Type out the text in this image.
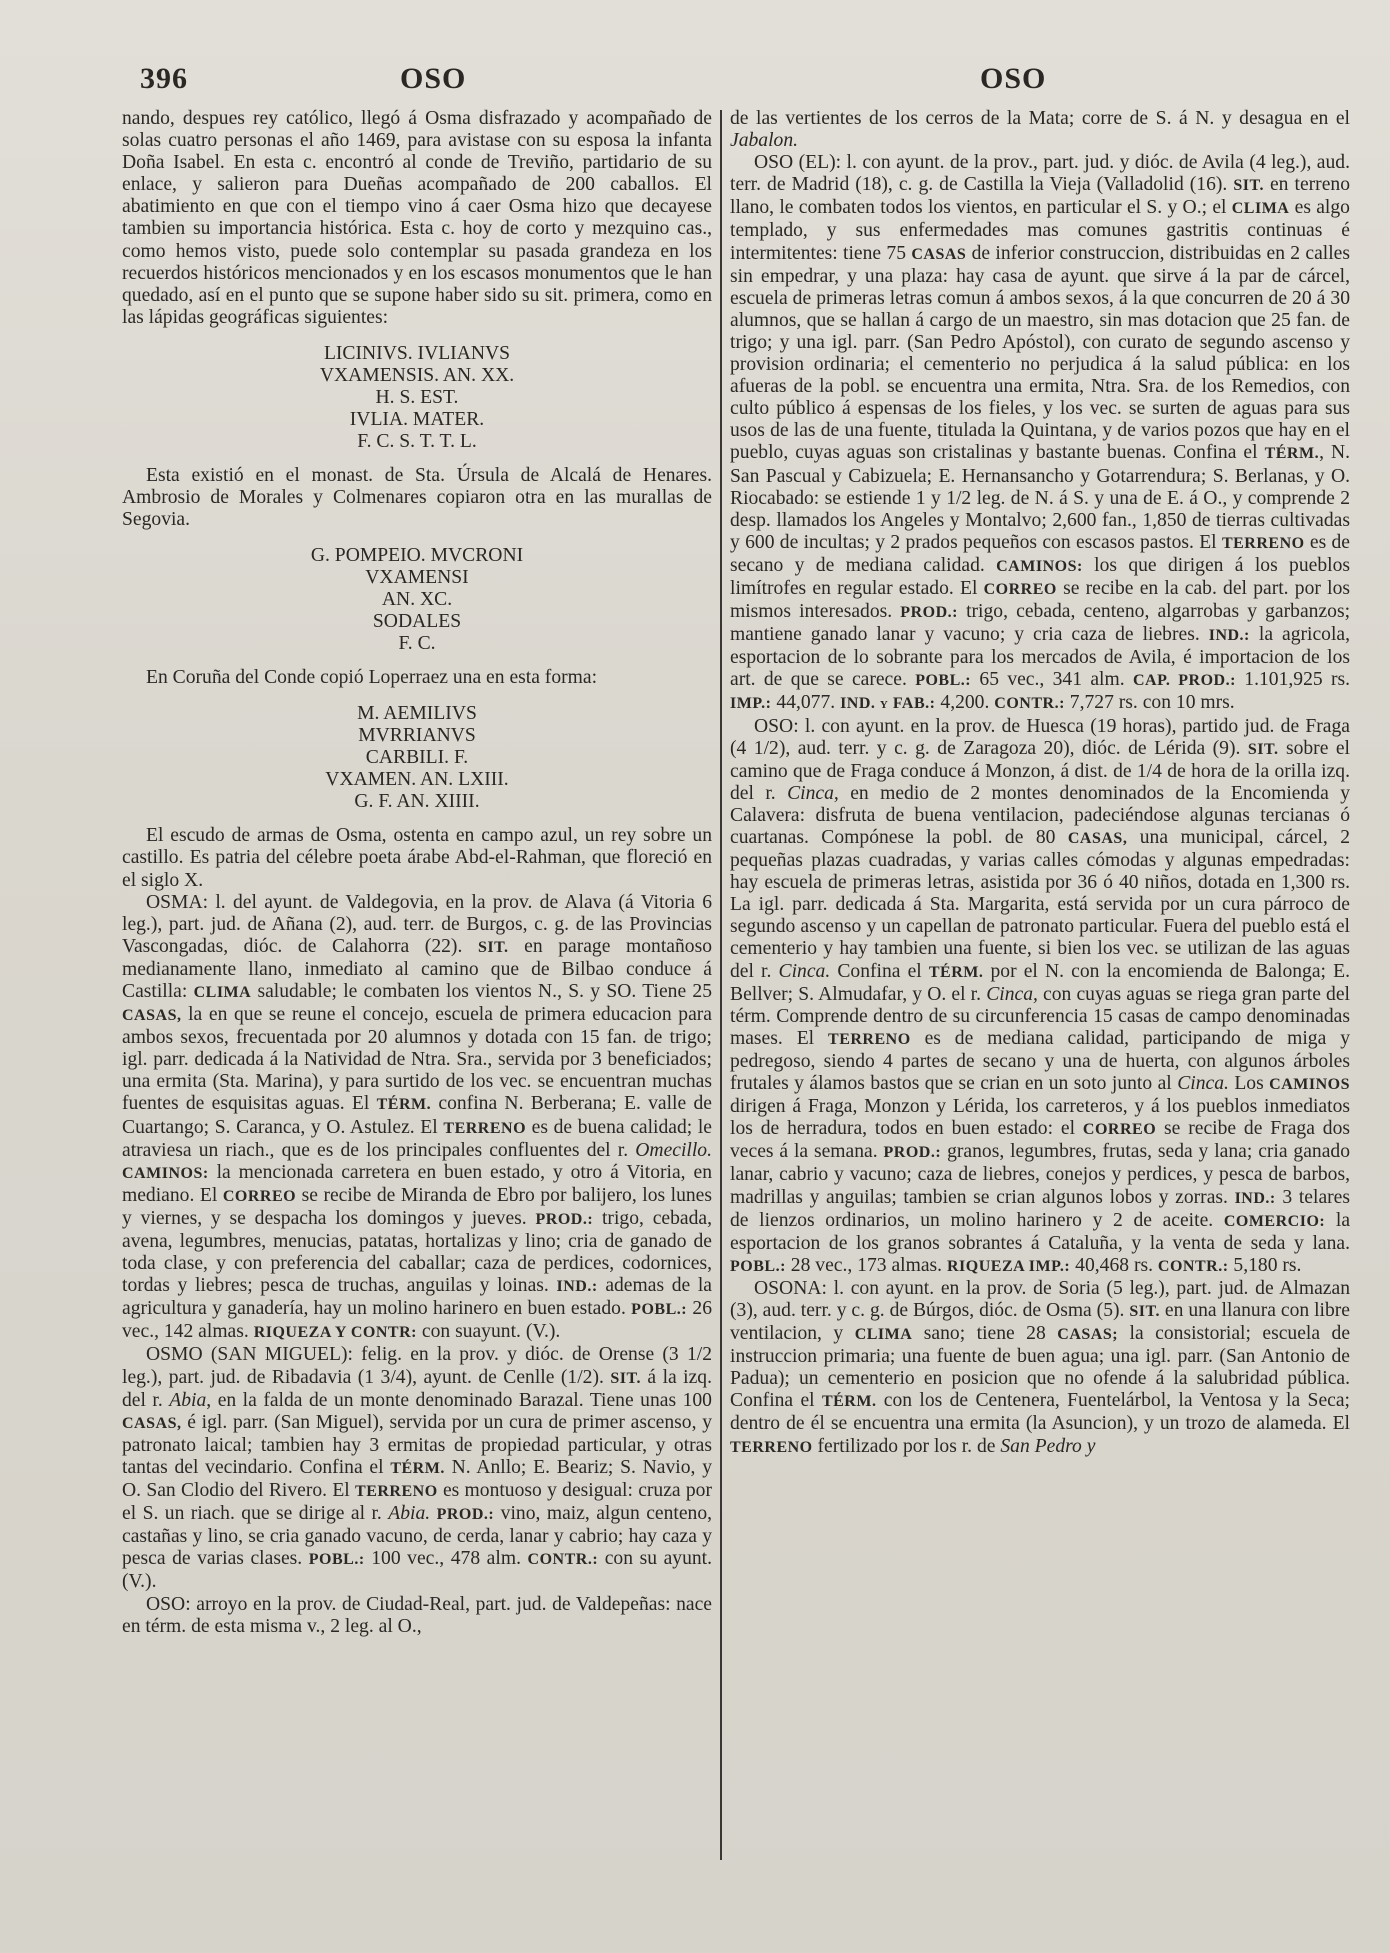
396	OSO	OSO

nando, despues rey católico, llegó á Osma disfrazado y acompañado de solas cuatro personas el año 1469, para avistase con su esposa la infanta Doña Isabel. En esta c. encontró al conde de Treviño, partidario de su enlace, y salieron para Dueñas acompañado de 200 caballos. El abatimiento en que con el tiempo vino á caer Osma hizo que decayese tambien su importancia histórica. Esta c. hoy de corto y mezquino cas., como hemos visto, puede solo contemplar su pasada grandeza en los recuerdos históricos mencionados y en los escasos monumentos que le han quedado, así en el punto que se supone haber sido su sit. primera, como en las lápidas geográficas siguientes:

LICINIVS. IVLIANVS
VXAMENSIS. AN. XX.
H. S. EST.
IVLIA. MATER.
F. C. S. T. T. L.

Esta existió en el monast. de Sta. Úrsula de Alcalá de Henares. Ambrosio de Morales y Colmenares copiaron otra en las murallas de Segovia.

G. POMPEIO. MVCRONI
VXAMENSI
AN. XC.
SODALES
F. C.

En Coruña del Conde copió Loperraez una en esta forma:

M. AEMILIVS
MVRRIANVS
CARBILI. F.
VXAMEN. AN. LXIII.
G. F. AN. XIIII.

El escudo de armas de Osma, ostenta en campo azul, un rey sobre un castillo. Es patria del célebre poeta árabe Abd-el-Rahman, que floreció en el siglo X.

OSMA: l. del ayunt. de Valdegovia, en la prov. de Alava (á Vitoria 6 leg.), part. jud. de Añana (2), aud. terr. de Burgos, c. g. de las Provincias Vascongadas, dióc. de Calahorra (22). SIT. en parage montañoso medianamente llano, inmediato al camino que de Bilbao conduce á Castilla: CLIMA saludable; le combaten los vientos N., S. y SO. Tiene 25 CASAS, la en que se reune el concejo, escuela de primera educacion para ambos sexos, frecuentada por 20 alumnos y dotada con 15 fan. de trigo; igl. parr. dedicada á la Natividad de Ntra. Sra., servida por 3 beneficiados; una ermita (Sta. Marina), y para surtido de los vec. se encuentran muchas fuentes de esquisitas aguas. El TÉRM. confina N. Berberana; E. valle de Cuartango; S. Caranca, y O. Astulez. El TERRENO es de buena calidad; le atraviesa un riach., que es de los principales confluentes del r. Omecillo. CAMINOS: la mencionada carretera en buen estado, y otro á Vitoria, en mediano. El CORREO se recibe de Miranda de Ebro por balijero, los lunes y viernes, y se despacha los domingos y jueves. PROD.: trigo, cebada, avena, legumbres, menucias, patatas, hortalizas y lino; cria de ganado de toda clase, y con preferencia del caballar; caza de perdices, codornices, tordas y liebres; pesca de truchas, anguilas y loinas. IND.: ademas de la agricultura y ganadería, hay un molino harinero en buen estado. POBL.: 26 vec., 142 almas. RIQUEZA Y CONTR: con suayunt. (V.).

OSMO (SAN MIGUEL): felig. en la prov. y dióc. de Orense (3 1/2 leg.), part. jud. de Ribadavia (1 3/4), ayunt. de Cenlle (1/2). SIT. á la izq. del r. Abia, en la falda de un monte denominado Barazal. Tiene unas 100 CASAS, é igl. parr. (San Miguel), servida por un cura de primer ascenso, y patronato laical; tambien hay 3 ermitas de propiedad particular, y otras tantas del vecindario. Confina el TÉRM. N. Anllo; E. Beariz; S. Navio, y O. San Clodio del Rivero. El TERRENO es montuoso y desigual: cruza por el S. un riach. que se dirige al r. Abia. PROD.: vino, maiz, algun centeno, castañas y lino, se cria ganado vacuno, de cerda, lanar y cabrio; hay caza y pesca de varias clases. POBL.: 100 vec., 478 alm. CONTR.: con su ayunt. (V.).

OSO: arroyo en la prov. de Ciudad-Real, part. jud. de Valdepeñas: nace en térm. de esta misma v., 2 leg. al O.,

de las vertientes de los cerros de la Mata; corre de S. á N. y desagua en el Jabalon.

OSO (EL): l. con ayunt. de la prov., part. jud. y dióc. de Avila (4 leg.), aud. terr. de Madrid (18), c. g. de Castilla la Vieja (Valladolid (16). SIT. en terreno llano, le combaten todos los vientos, en particular el S. y O.; el CLIMA es algo templado, y sus enfermedades mas comunes gastritis continuas é intermitentes: tiene 75 CASAS de inferior construccion, distribuidas en 2 calles sin empedrar, y una plaza: hay casa de ayunt. que sirve á la par de cárcel, escuela de primeras letras comun á ambos sexos, á la que concurren de 20 á 30 alumnos, que se hallan á cargo de un maestro, sin mas dotacion que 25 fan. de trigo; y una igl. parr. (San Pedro Apóstol), con curato de segundo ascenso y provision ordinaria; el cementerio no perjudica á la salud pública: en los afueras de la pobl. se encuentra una ermita, Ntra. Sra. de los Remedios, con culto público á espensas de los fieles, y los vec. se surten de aguas para sus usos de las de una fuente, titulada la Quintana, y de varios pozos que hay en el pueblo, cuyas aguas son cristalinas y bastante buenas. Confina el TÉRM., N. San Pascual y Cabizuela; E. Hernansancho y Gotarrendura; S. Berlanas, y O. Riocabado: se estiende 1 y 1/2 leg. de N. á S. y una de E. á O., y comprende 2 desp. llamados los Angeles y Montalvo; 2,600 fan., 1,850 de tierras cultivadas y 600 de incultas; y 2 prados pequeños con escasos pastos. El TERRENO es de secano y de mediana calidad. CAMINOS: los que dirigen á los pueblos limítrofes en regular estado. El CORREO se recibe en la cab. del part. por los mismos interesados. PROD.: trigo, cebada, centeno, algarrobas y garbanzos; mantiene ganado lanar y vacuno; y cria caza de liebres. IND.: la agricola, esportacion de lo sobrante para los mercados de Avila, é importacion de los art. de que se carece. POBL.: 65 vec., 341 alm. CAP. PROD.: 1.101,925 rs. IMP.: 44,077. IND. y FAB.: 4,200. CONTR.: 7,727 rs. con 10 mrs.

OSO: l. con ayunt. en la prov. de Huesca (19 horas), partido jud. de Fraga (4 1/2), aud. terr. y c. g. de Zaragoza 20), dióc. de Lérida (9). SIT. sobre el camino que de Fraga conduce á Monzon, á dist. de 1/4 de hora de la orilla izq. del r. Cinca, en medio de 2 montes denominados de la Encomienda y Calavera: disfruta de buena ventilacion, padeciéndose algunas tercianas ó cuartanas. Compónese la pobl. de 80 CASAS, una municipal, cárcel, 2 pequeñas plazas cuadradas, y varias calles cómodas y algunas empedradas: hay escuela de primeras letras, asistida por 36 ó 40 niños, dotada en 1,300 rs. La igl. parr. dedicada á Sta. Margarita, está servida por un cura párroco de segundo ascenso y un capellan de patronato particular. Fuera del pueblo está el cementerio y hay tambien una fuente, si bien los vec. se utilizan de las aguas del r. Cinca. Confina el TÉRM. por el N. con la encomienda de Balonga; E. Bellver; S. Almudafar, y O. el r. Cinca, con cuyas aguas se riega gran parte del térm. Comprende dentro de su circunferencia 15 casas de campo denominadas mases. El TERRENO es de mediana calidad, participando de miga y pedregoso, siendo 4 partes de secano y una de huerta, con algunos árboles frutales y álamos bastos que se crian en un soto junto al Cinca. Los CAMINOS dirigen á Fraga, Monzon y Lérida, los carreteros, y á los pueblos inmediatos los de herradura, todos en buen estado: el CORREO se recibe de Fraga dos veces á la semana. PROD.: granos, legumbres, frutas, seda y lana; cria ganado lanar, cabrio y vacuno; caza de liebres, conejos y perdices, y pesca de barbos, madrillas y anguilas; tambien se crian algunos lobos y zorras. IND.: 3 telares de lienzos ordinarios, un molino harinero y 2 de aceite. COMERCIO: la esportacion de los granos sobrantes á Cataluña, y la venta de seda y lana. POBL.: 28 vec., 173 almas. RIQUEZA IMP.: 40,468 rs. CONTR.: 5,180 rs.

OSONA: l. con ayunt. en la prov. de Soria (5 leg.), part. jud. de Almazan (3), aud. terr. y c. g. de Búrgos, dióc. de Osma (5). SIT. en una llanura con libre ventilacion, y CLIMA sano; tiene 28 CASAS; la consistorial; escuela de instruccion primaria; una fuente de buen agua; una igl. parr. (San Antonio de Padua); un cementerio en posicion que no ofende á la salubridad pública. Confina el TÉRM. con los de Centenera, Fuentelárbol, la Ventosa y la Seca; dentro de él se encuentra una ermita (la Asuncion), y un trozo de alameda. El TERRENO fertilizado por los r. de San Pedro y
